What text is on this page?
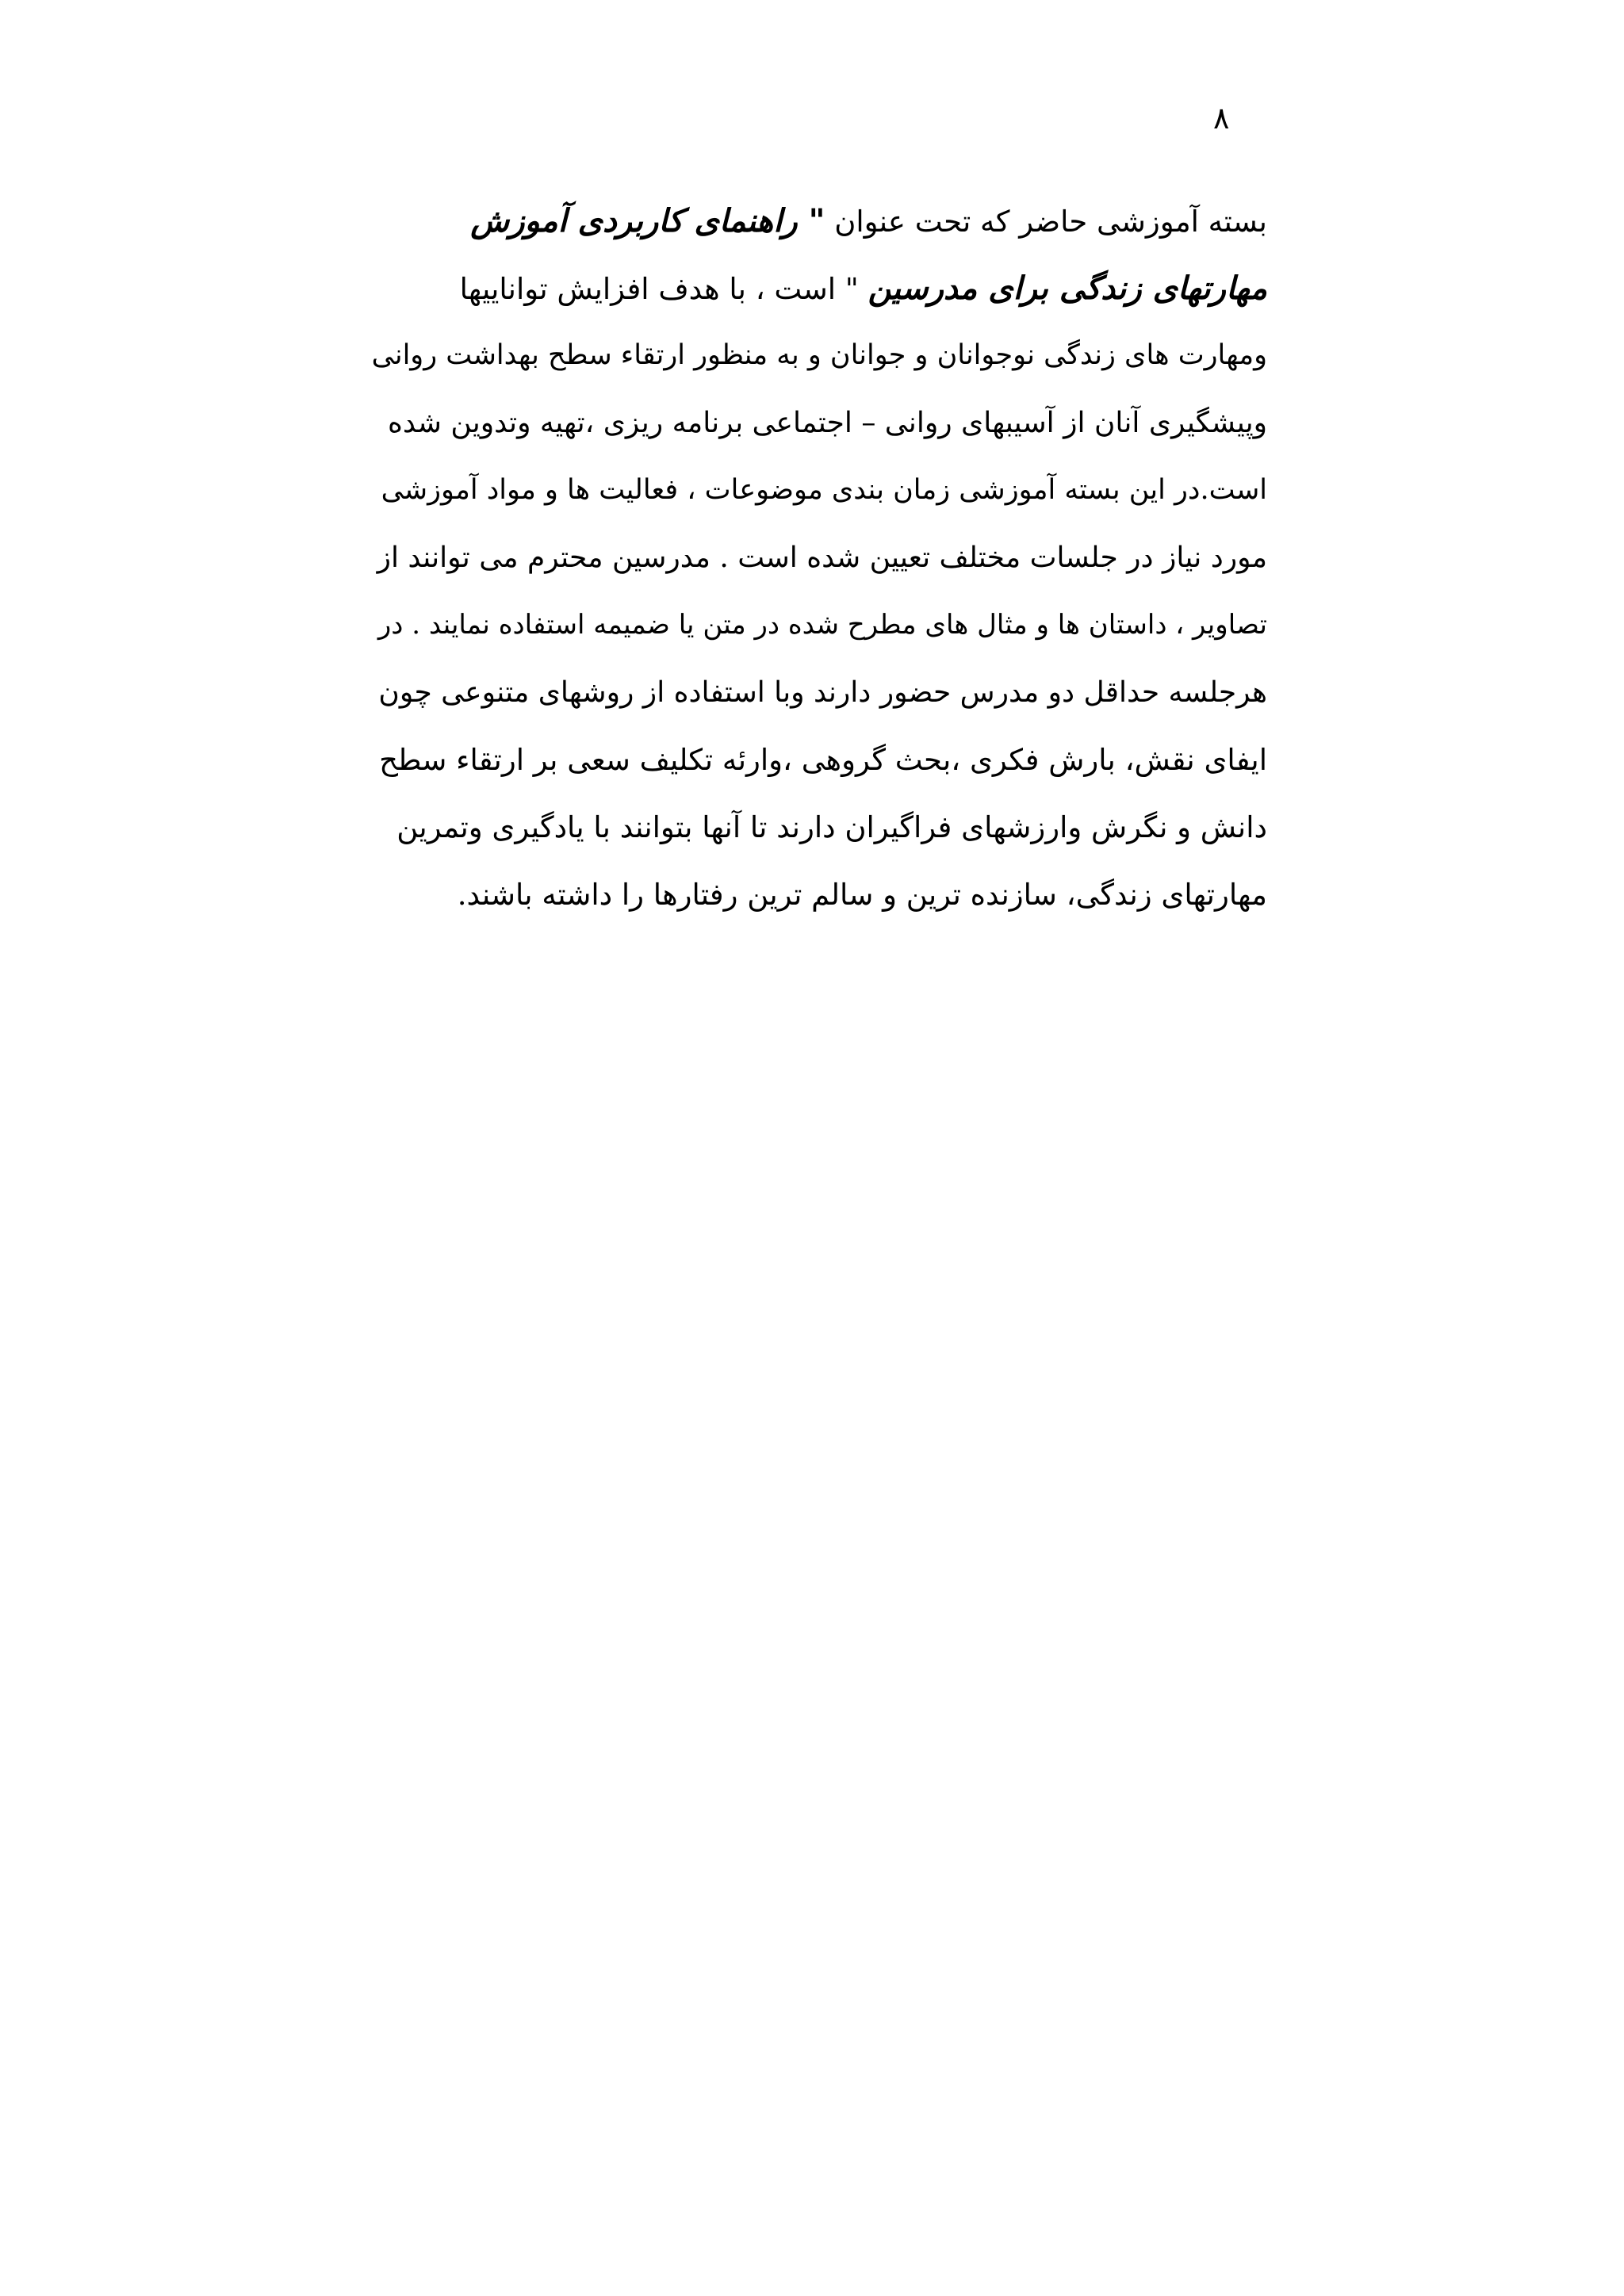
۸
بسته آموزشی حاضر که تحت عنوان " راهنمای کاربردی آموزش
مهارتهای زندگی برای مدرسین " است ، با هدف افزایش تواناییها
ومهارت های زندگی نوجوانان و جوانان و به منظور ارتقاء سطح بهداشت روانی
وپیشگیری آنان از آسیبهای روانی – اجتماعی برنامه ریزی ،تهیه وتدوین شده
است.در این بسته آموزشی زمان بندی موضوعات ، فعالیت ها و مواد آموزشی
مورد نیاز در جلسات مختلف تعیین شده است . مدرسین محترم می توانند از
تصاویر ، داستان ها و مثال های مطرح شده در متن یا ضمیمه استفاده نمایند . در
هرجلسه حداقل دو مدرس حضور دارند وبا استفاده از روشهای متنوعی چون
ایفای نقش، بارش فکری ،بحث گروهی ،وارئه تکلیف سعی بر ارتقاء سطح
دانش و نگرش وارزشهای فراگیران دارند تا آنها بتوانند با یادگیری وتمرین
مهارتهای زندگی، سازنده ترین و سالم ترین رفتارها را داشته باشند.
